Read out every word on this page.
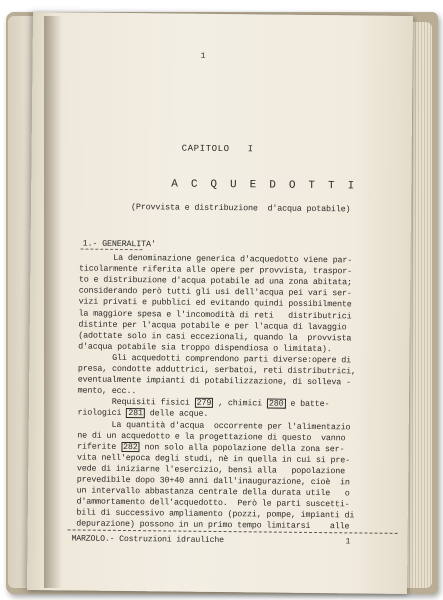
1
CAPITOLO   I
A C Q U E D O T T I
(Provvista e distribuzione  d'acqua potabile)
1.- GENERALITA'
La denominazione generica d'acquedotto viene par-
ticolarmente riferita alle opere per provvista, traspor-
to e distribuzione d'acqua potabile ad una zona abitata;
considerando però tutti gli usi dell'acqua pei vari ser-
vizi privati e pubblici ed evitando quindi possibilmente
la maggiore spesa e l'incomodità di reti   distributrici
distinte per l'acqua potabile e per l'acqua di lavaggio
(adottate solo in casi eccezionali, quando la  provvista
d'acqua potabile sia troppo dispendiosa o limitata).
Gli acquedotti comprendono parti diverse:opere di
presa, condotte adduttrici, serbatoi, reti distributrici,
eventualmente impianti di potabilizzazione, di solleva -
mento, ecc..
Requisiti fisici 279 , chimici 280 e batte-
riologici 281 delle acque.
La quantità d'acqua  occorrente per l'alimentazio
ne di un acquedotto e la progettazione di questo  vanno
riferite 282 non solo alla popolazione della zona ser-
vita nell'epoca degli studi, nè in quella in cui si pre-
vede di iniziarne l'esercizio, bensì alla   popolazione
prevedibile dopo 30+40 anni dall'inaugurazione, cioè  in
un intervallo abbastanza centrale della durata utile   o
d'ammortamento dell'acquedotto.  Però le parti suscetti-
bili di successivo ampliamento (pozzi, pompe, impianti di
depurazione) possono in un primo tempo limitarsi    alle
MARZOLO.- Costruzioni idrauliche	1
